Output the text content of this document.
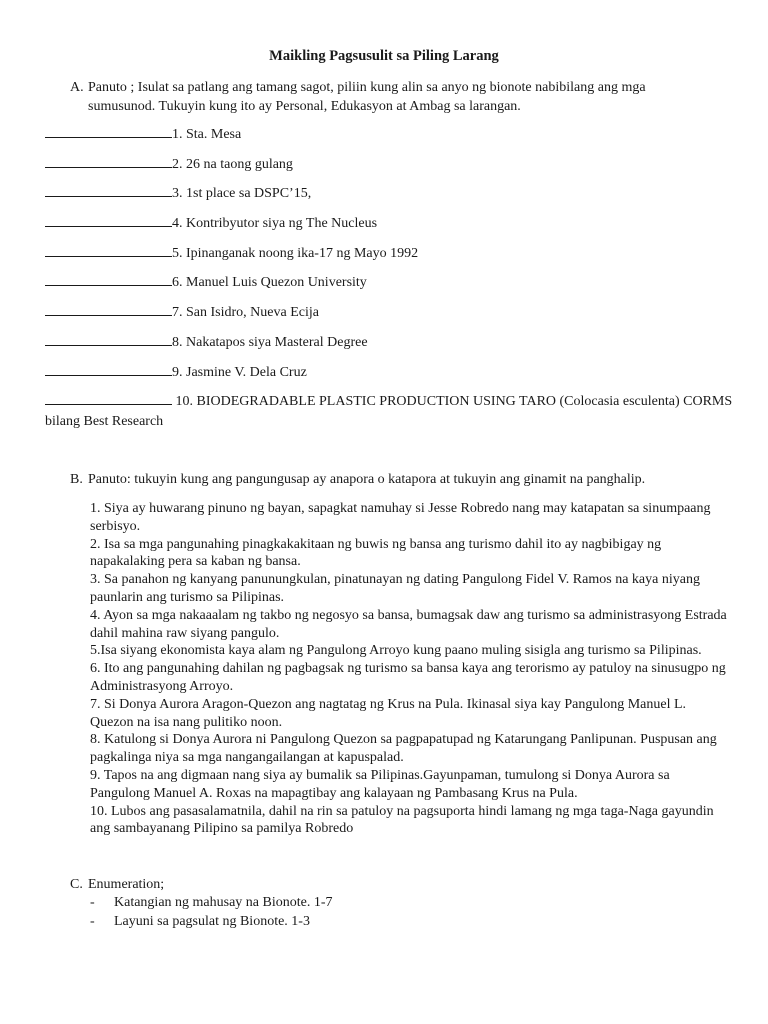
Maikling Pagsusulit sa Piling Larang
A. Panuto ; Isulat sa patlang ang tamang sagot, piliin kung alin sa anyo ng bionote nabibilang ang mga sumusunod. Tukuyin kung ito ay Personal, Edukasyon at Ambag sa larangan.
1. Sta. Mesa
2. 26 na taong gulang
3. 1st place sa DSPC’15,
4. Kontribyutor siya ng The Nucleus
5. Ipinanganak noong ika-17 ng Mayo 1992
6. Manuel Luis Quezon University
7. San Isidro, Nueva Ecija
8. Nakatapos siya Masteral Degree
9. Jasmine V. Dela Cruz
10. BIODEGRADABLE PLASTIC PRODUCTION USING TARO (Colocasia esculenta) CORMS bilang Best Research
B. Panuto: tukuyin kung ang pangungusap ay anapora o katapora at tukuyin ang ginamit na panghalip.

1. Siya ay huwarang pinuno ng bayan, sapagkat namuhay si Jesse Robredo nang may katapatan sa sinumpaang serbisyo.

2. Isa sa mga pangunahing pinagkakakitaan ng buwis ng bansa ang turismo dahil ito ay nagbibigay ng napakalaking pera sa kaban ng bansa.

3. Sa panahon ng kanyang panunungkulan, pinatunayan ng dating Pangulong Fidel V. Ramos na kaya niyang paunlarin ang turismo sa Pilipinas.

4. Ayon sa mga nakaaalam ng takbo ng negosyo sa bansa, bumagsak daw ang turismo sa administrasyong Estrada dahil mahina raw siyang pangulo.

5.Isa siyang ekonomista kaya alam ng Pangulong Arroyo kung paano muling sisigla ang turismo sa Pilipinas.

6. Ito ang pangunahing dahilan ng pagbagsak ng turismo sa bansa kaya ang terorismo ay patuloy na sinusugpo ng Administrasyong Arroyo.

7. Si Donya Aurora Aragon-Quezon ang nagtatag ng Krus na Pula. Ikinasal siya kay Pangulong Manuel L. Quezon na isa nang pulitiko noon.

8. Katulong si Donya Aurora ni Pangulong Quezon sa pagpapatupad ng Katarungang Panlipunan. Puspusan ang pagkalinga niya sa mga nangangailangan at kapuspalad.

9. Tapos na ang digmaan nang siya ay bumalik sa Pilipinas.Gayunpaman, tumulong si Donya Aurora sa Pangulong Manuel A. Roxas na mapagtibay ang kalayaan ng Pambasang Krus na Pula.

10. Lubos ang pasasalamatnila, dahil na rin sa patuloy na pagsuporta hindi lamang ng mga taga-Naga gayundin ang sambayanang Pilipino sa pamilya Robredo

C. Enumeration;
- Katangian ng mahusay na Bionote. 1-7
- Layuni sa pagsulat ng Bionote. 1-3
